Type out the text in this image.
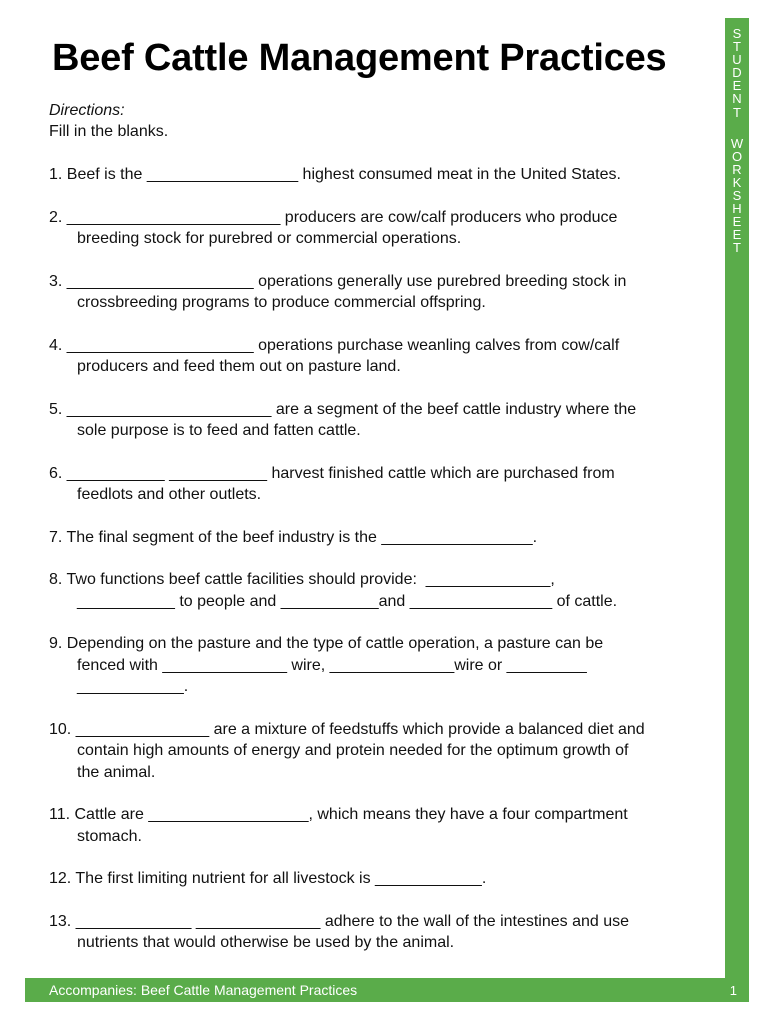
Beef Cattle Management Practices
Directions:
Fill in the blanks.
1. Beef is the _________________ highest consumed meat in the United States.
2. ________________________ producers are cow/calf producers who produce
breeding stock for purebred or commercial operations.
3. _____________________ operations generally use purebred breeding stock in
crossbreeding programs to produce commercial offspring.
4. _____________________ operations purchase weanling calves from cow/calf
producers and feed them out on pasture land.
5. _______________________ are a segment of the beef cattle industry where the
sole purpose is to feed and fatten cattle.
6. ___________ ___________ harvest finished cattle which are purchased from
feedlots and other outlets.
7. The final segment of the beef industry is the _________________.
8. Two functions beef cattle facilities should provide:  ______________,
___________ to people and ___________and ________________ of cattle.
9. Depending on the pasture and the type of cattle operation, a pasture can be
fenced with ______________ wire, ______________wire or _________
____________.
10. _______________ are a mixture of feedstuffs which provide a balanced diet and
contain high amounts of energy and protein needed for the optimum growth of
the animal.
11. Cattle are __________________, which means they have a four compartment
stomach.
12. The first limiting nutrient for all livestock is ____________.
13. _____________ ______________ adhere to the wall of the intestines and use
nutrients that would otherwise be used by the animal.
S
T
U
D
E
N
T
W
O
R
K
S
H
E
E
T
Accompanies: Beef Cattle Management Practices	1
